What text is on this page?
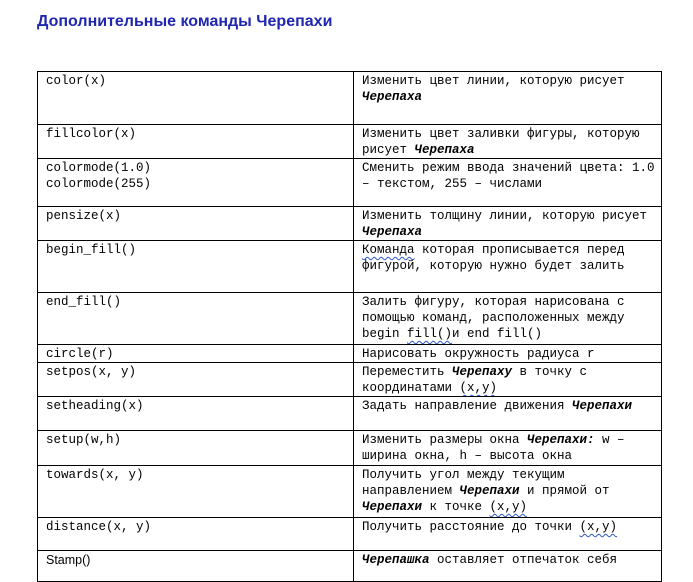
Дополнительные команды Черепахи
color(x)	Изменить цвет линии, которую рисует Черепаха

fillcolor(x)	Изменить цвет заливки фигуры, которую рисует Черепаха

colormode(1.0)
colormode(255)	Сменить режим ввода значений цвета: 1.0 – текстом, 255 – числами

pensize(x)	Изменить толщину линии, которую рисует Черепаха

begin_fill()	Команда которая прописывается перед фигурой, которую нужно будет залить

end_fill()	Залить фигуру, которая нарисована с помощью команд, расположенных между begin fill()и end fill()

circle(r)	Нарисовать окружность радиуса r

setpos(x, y)	Переместить Черепаху в точку с координатами (x,y)

setheading(x)	Задать направление движения Черепахи

setup(w,h)	Изменить размеры окна Черепахи: w – ширина окна, h – высота окна

towards(x, y)	Получить угол между текущим направлением Черепахи и прямой от Черепахи к точке (x,y)

distance(x, y)	Получить расстояние до точки (x,y)

Stamp()	Черепашка оставляет отпечаток себя
